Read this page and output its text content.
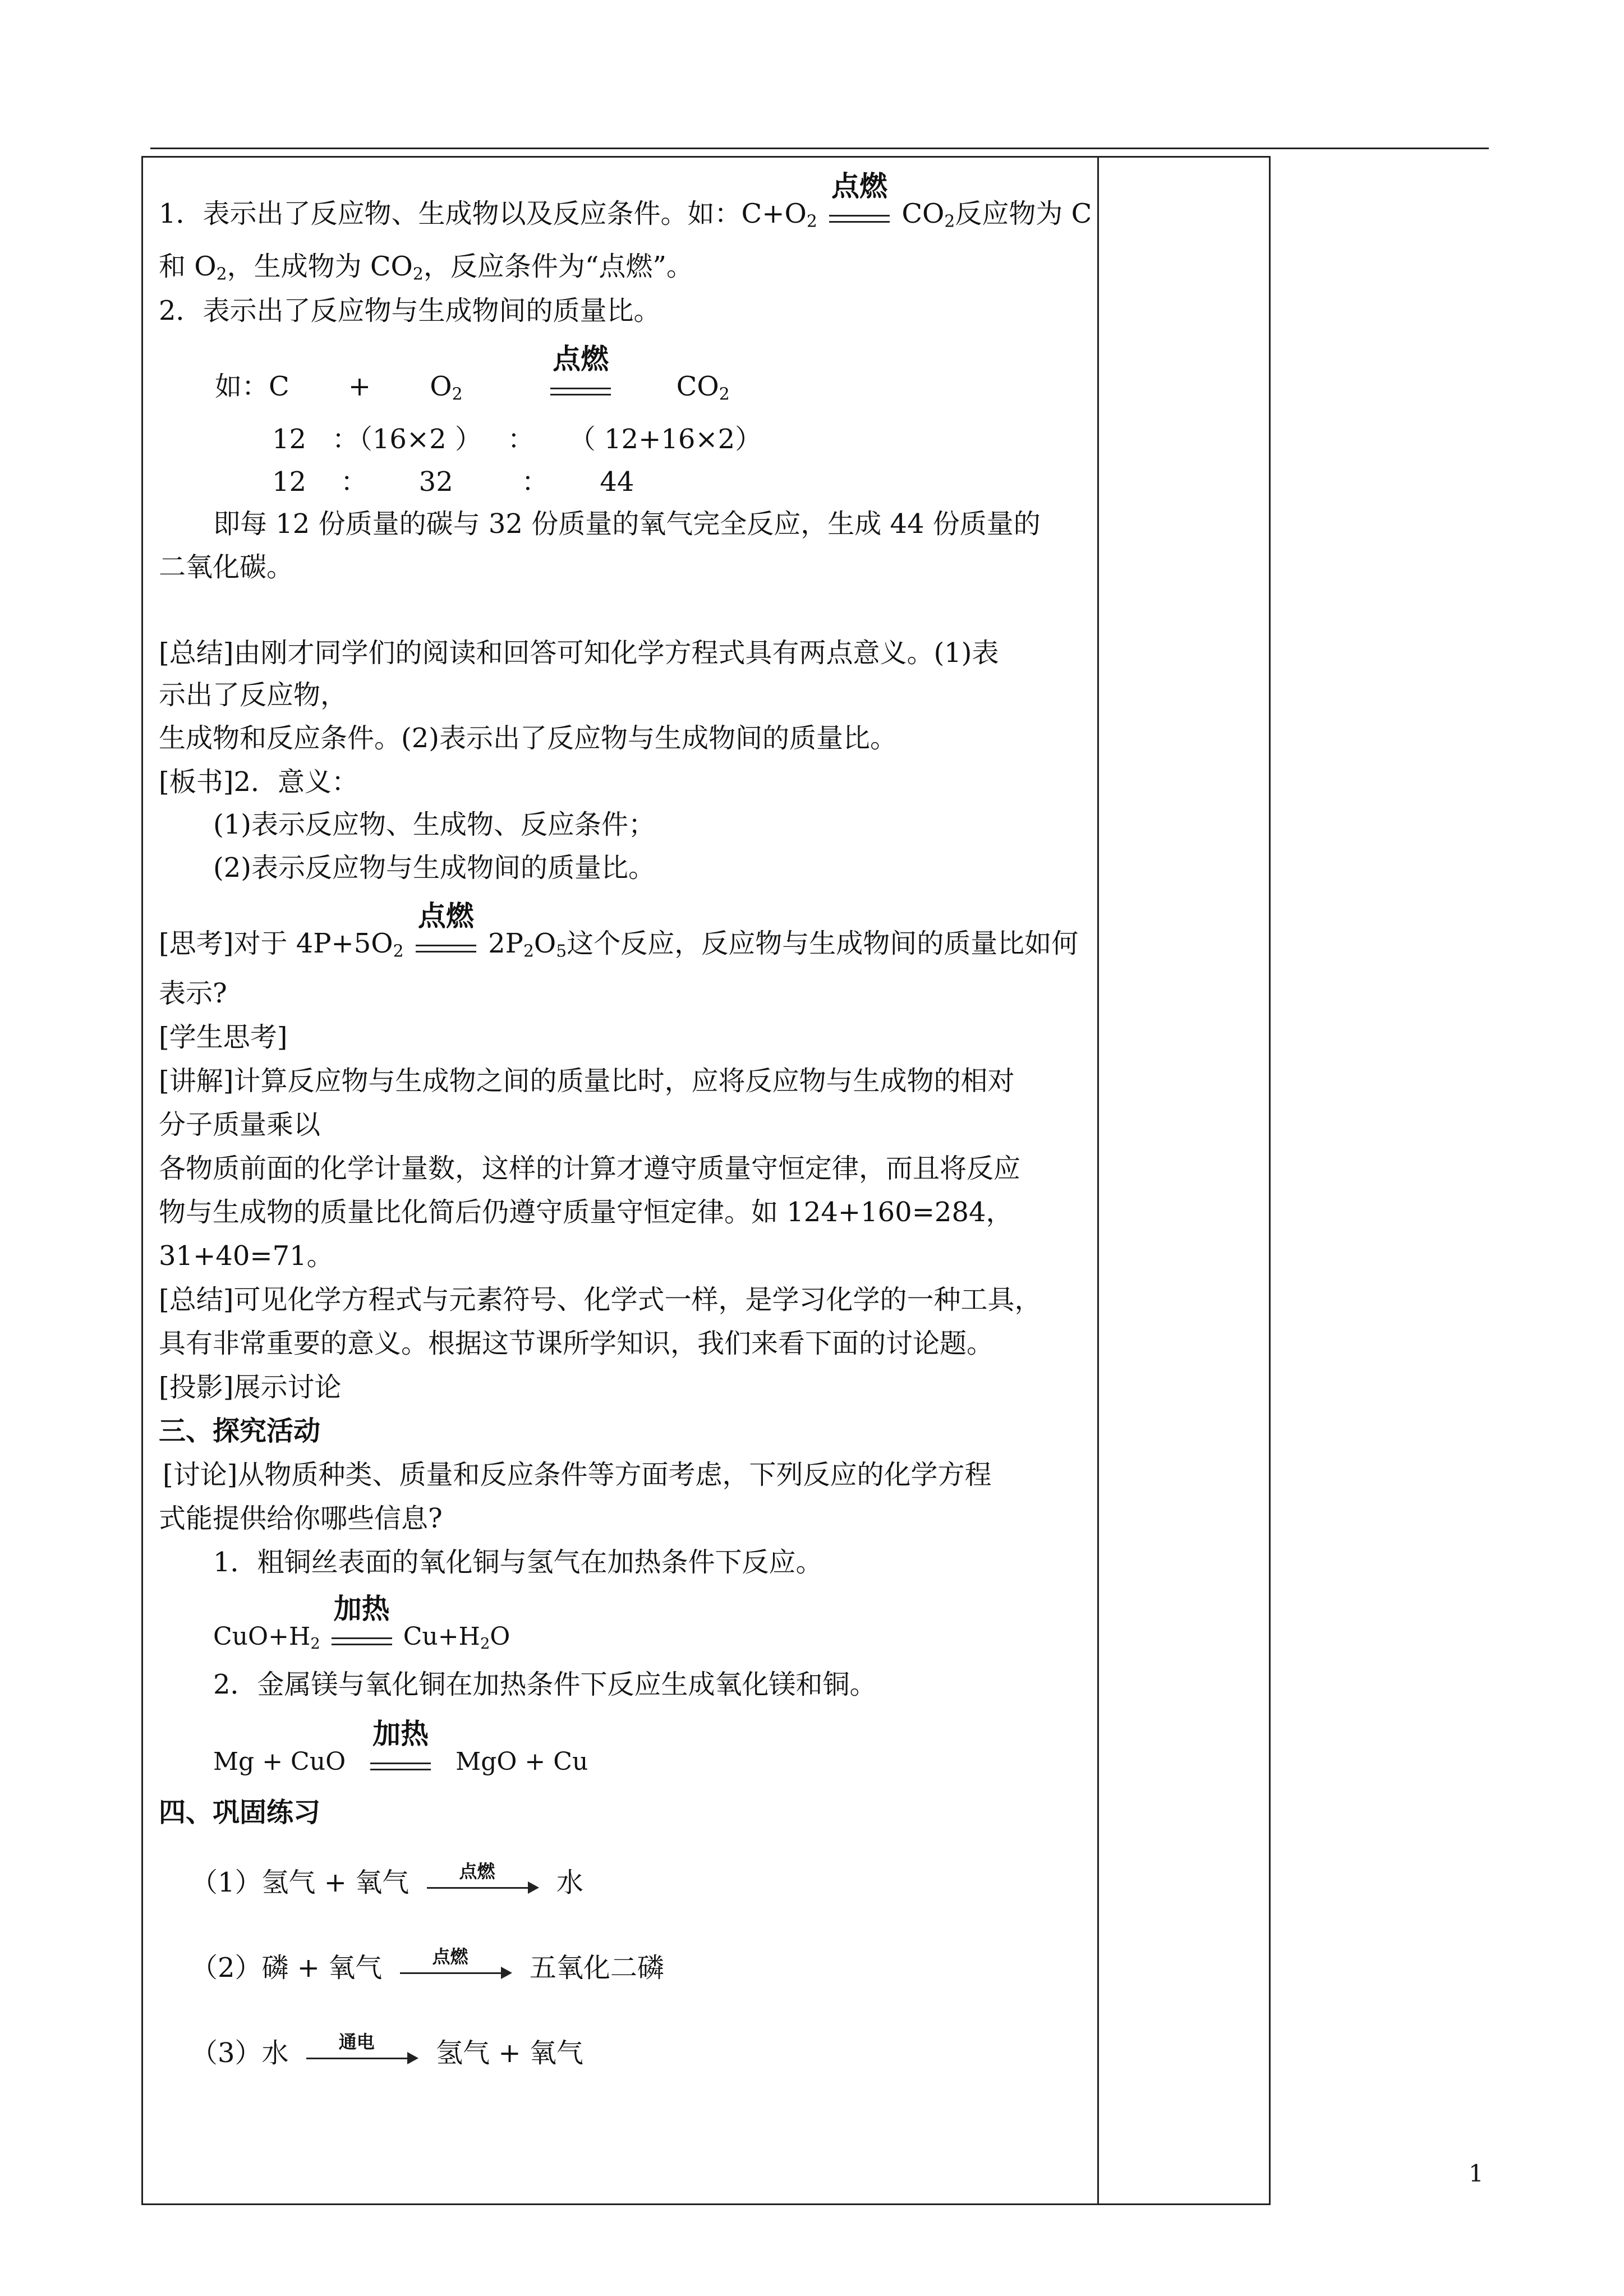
1．表示出了反应物、生成物以及反应条件。如：$C+O_2$
点燃
$CO_2$反应物为 C
和 $O_2$，生成物为 $CO_2$，反应条件为“点燃”。
2．表示出了反应物与生成物间的质量比。
如：$C + O_2$
点燃
$CO_2$
12   ：（16×2 ）   ：    （ 12+16×2）
12    ：      32        ：      44
即每 12 份质量的碳与 32 份质量的氧气完全反应，生成 44 份质量的
二氧化碳。
[总结]由刚才同学们的阅读和回答可知化学方程式具有两点意义。(1)表
示出了反应物，
生成物和反应条件。(2)表示出了反应物与生成物间的质量比。
[板书]2．意义：
(1)表示反应物、生成物、反应条件；
(2)表示反应物与生成物间的质量比。
[思考]对于 $4P+5O_2$
点燃
$2P_2O_5$这个反应，反应物与生成物间的质量比如何
表示?
[学生思考]
[讲解]计算反应物与生成物之间的质量比时，应将反应物与生成物的相对
分子质量乘以
各物质前面的化学计量数，这样的计算才遵守质量守恒定律，而且将反应
物与生成物的质量比化简后仍遵守质量守恒定律。如 124+160=284，
31+40=71。
[总结]可见化学方程式与元素符号、化学式一样，是学习化学的一种工具，
具有非常重要的意义。根据这节课所学知识，我们来看下面的讨论题。
[投影]展示讨论
三、探究活动
[讨论]从物质种类、质量和反应条件等方面考虑，下列反应的化学方程
式能提供给你哪些信息?
1．粗铜丝表面的氧化铜与氢气在加热条件下反应。
$CuO+H_2$
加热
$Cu+H_2O$
2．金属镁与氧化铜在加热条件下反应生成氧化镁和铜。
Mg + CuO
加热
MgO + Cu
四、巩固练习
（1）氢气 + 氧气	点燃	水
（2）磷 + 氧气	点燃	五氧化二磷
（3）水	通电	氢气 + 氧气
1
